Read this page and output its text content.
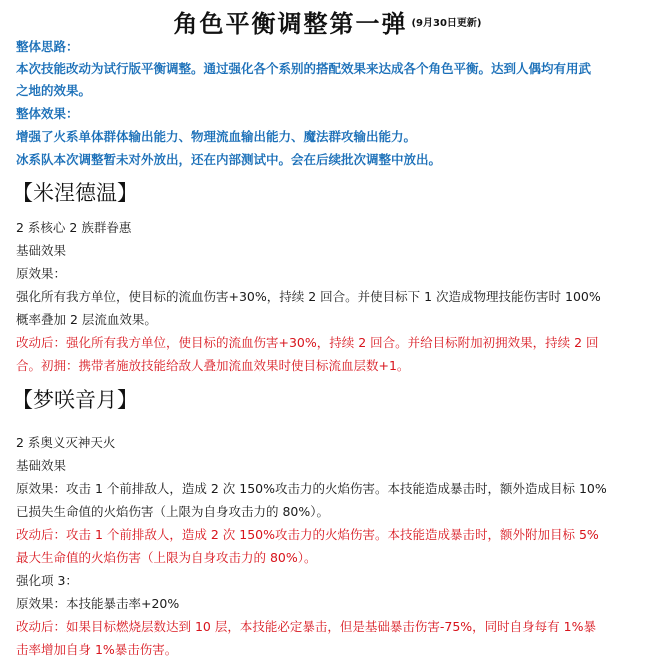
角色平衡调整第一弹 (9月30日更新)
整体思路：
本次技能改动为试行版平衡调整。通过强化各个系别的搭配效果来达成各个角色平衡。达到人偶均有用武
之地的效果。
整体效果：
增强了火系单体群体输出能力、物理流血输出能力、魔法群攻输出能力。
冰系队本次调整暂未对外放出，还在内部测试中。会在后续批次调整中放出。
【米涅德温】
2 系核心 2 族群眷惠
基础效果
原效果：
强化所有我方单位，使目标的流血伤害+30%，持续 2 回合。并使目标下 1 次造成物理技能伤害时 100%
概率叠加 2 层流血效果。
改动后：强化所有我方单位，使目标的流血伤害+30%，持续 2 回合。并给目标附加初拥效果，持续 2 回
合。初拥：携带者施放技能给敌人叠加流血效果时使目标流血层数+1。
【梦咲音月】
2 系奥义灭神天火
基础效果
原效果：攻击 1 个前排敌人，造成 2 次 150%攻击力的火焰伤害。本技能造成暴击时，额外造成目标 10%
已损失生命值的火焰伤害（上限为自身攻击力的 80%）。
改动后：攻击 1 个前排敌人，造成 2 次 150%攻击力的火焰伤害。本技能造成暴击时，额外附加目标 5%
最大生命值的火焰伤害（上限为自身攻击力的 80%）。
强化项 3：
原效果：本技能暴击率+20%
改动后：如果目标燃烧层数达到 10 层，本技能必定暴击，但是基础暴击伤害-75%，同时自身每有 1%暴
击率增加自身 1%暴击伤害。
